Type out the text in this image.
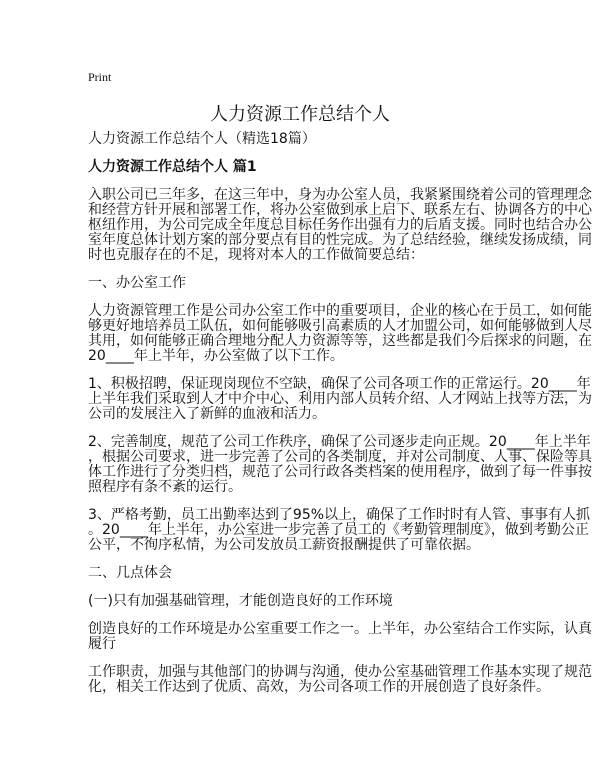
Print
人力资源工作总结个人

人力资源工作总结个人（精选18篇）

人力资源工作总结个人 篇1

入职公司已三年多，在这三年中，身为办公室人员，我紧紧围绕着公司的管理理念
和经营方针开展和部署工作，将办公室做到承上启下、联系左右、协调各方的中心
枢纽作用，为公司完成全年度总目标任务作出强有力的后盾支援。同时也结合办公
室年度总体计划方案的部分要点有目的性完成。为了总结经验，继续发扬成绩，同
时也克服存在的不足，现将对本人的工作做简要总结：

一、办公室工作

人力资源管理工作是公司办公室工作中的重要项目，企业的核心在于员工，如何能
够更好地培养员工队伍，如何能够吸引高素质的人才加盟公司，如何能够做到人尽
其用，如何能够正确合理地分配人力资源等等，这些都是我们今后探求的问题，在
20____年上半年，办公室做了以下工作。

1、积极招聘，保证现岗现位不空缺，确保了公司各项工作的正常运行。20____年
上半年我们采取到人才中介中心、利用内部人员转介绍、人才网站上找等方法，为
公司的发展注入了新鲜的血液和活力。

2、完善制度，规范了公司工作秩序，确保了公司逐步走向正规。20____年上半年
，根据公司要求，进一步完善了公司的各类制度，并对公司制度、人事、保险等具
体工作进行了分类归档，规范了公司行政各类档案的使用程序，做到了每一件事按
照程序有条不紊的运行。

3、严格考勤，员工出勤率达到了95%以上，确保了工作时时有人管、事事有人抓
。20____年上半年，办公室进一步完善了员工的《考勤管理制度》，做到考勤公正
公平，不徇序私情，为公司发放员工薪资报酬提供了可靠依据。

二、几点体会

(一)只有加强基础管理，才能创造良好的工作环境

创造良好的工作环境是办公室重要工作之一。上半年，办公室结合工作实际，认真
履行

工作职责，加强与其他部门的协调与沟通，使办公室基础管理工作基本实现了规范
化，相关工作达到了优质、高效，为公司各项工作的开展创造了良好条件。
